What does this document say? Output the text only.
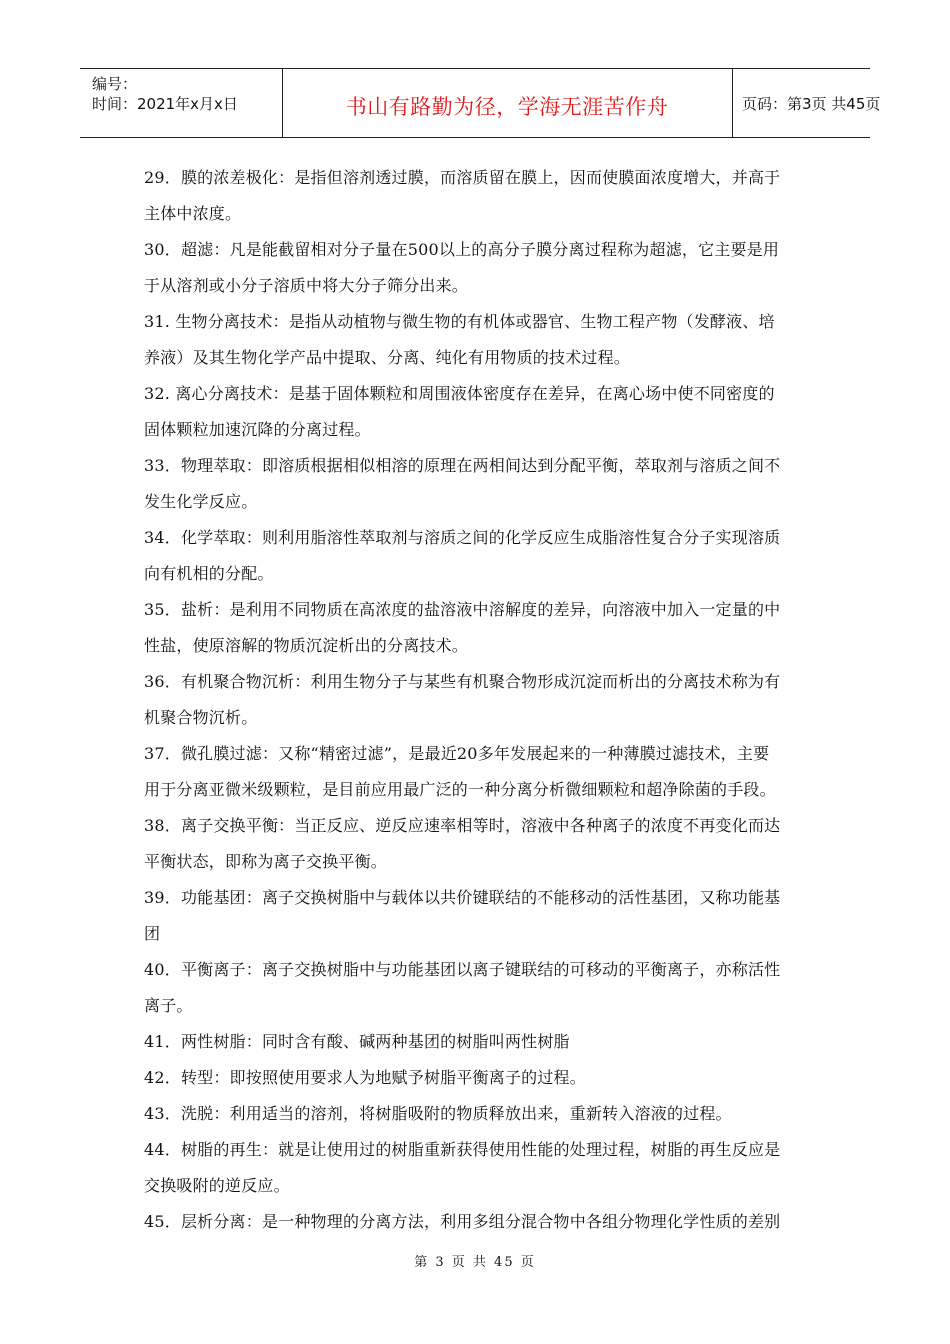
编号：
时间：2021年x月x日	书山有路勤为径，学海无涯苦作舟	页码：第3页 共45页
29．膜的浓差极化：是指但溶剂透过膜，而溶质留在膜上，因而使膜面浓度增大，并高于
主体中浓度。
30．超滤：凡是能截留相对分子量在500以上的高分子膜分离过程称为超滤，它主要是用
于从溶剂或小分子溶质中将大分子筛分出来。
31. 生物分离技术：是指从动植物与微生物的有机体或器官、生物工程产物（发酵液、培
养液）及其生物化学产品中提取、分离、纯化有用物质的技术过程。
32. 离心分离技术：是基于固体颗粒和周围液体密度存在差异，在离心场中使不同密度的
固体颗粒加速沉降的分离过程。
33．物理萃取：即溶质根据相似相溶的原理在两相间达到分配平衡，萃取剂与溶质之间不
发生化学反应。
34．化学萃取：则利用脂溶性萃取剂与溶质之间的化学反应生成脂溶性复合分子实现溶质
向有机相的分配。
35．盐析：是利用不同物质在高浓度的盐溶液中溶解度的差异，向溶液中加入一定量的中
性盐，使原溶解的物质沉淀析出的分离技术。
36．有机聚合物沉析：利用生物分子与某些有机聚合物形成沉淀而析出的分离技术称为有
机聚合物沉析。
37．微孔膜过滤：又称“精密过滤”，是最近20多年发展起来的一种薄膜过滤技术，主要
用于分离亚微米级颗粒，是目前应用最广泛的一种分离分析微细颗粒和超净除菌的手段。
38．离子交换平衡：当正反应、逆反应速率相等时，溶液中各种离子的浓度不再变化而达
平衡状态，即称为离子交换平衡。
39．功能基团：离子交换树脂中与载体以共价键联结的不能移动的活性基团，又称功能基
团
40．平衡离子：离子交换树脂中与功能基团以离子键联结的可移动的平衡离子，亦称活性
离子。
41．两性树脂：同时含有酸、碱两种基团的树脂叫两性树脂
42．转型：即按照使用要求人为地赋予树脂平衡离子的过程。
43．洗脱：利用适当的溶剂，将树脂吸附的物质释放出来，重新转入溶液的过程。
44．树脂的再生：就是让使用过的树脂重新获得使用性能的处理过程，树脂的再生反应是
交换吸附的逆反应。
45．层析分离：是一种物理的分离方法，利用多组分混合物中各组分物理化学性质的差别
第 3 页 共 45 页
